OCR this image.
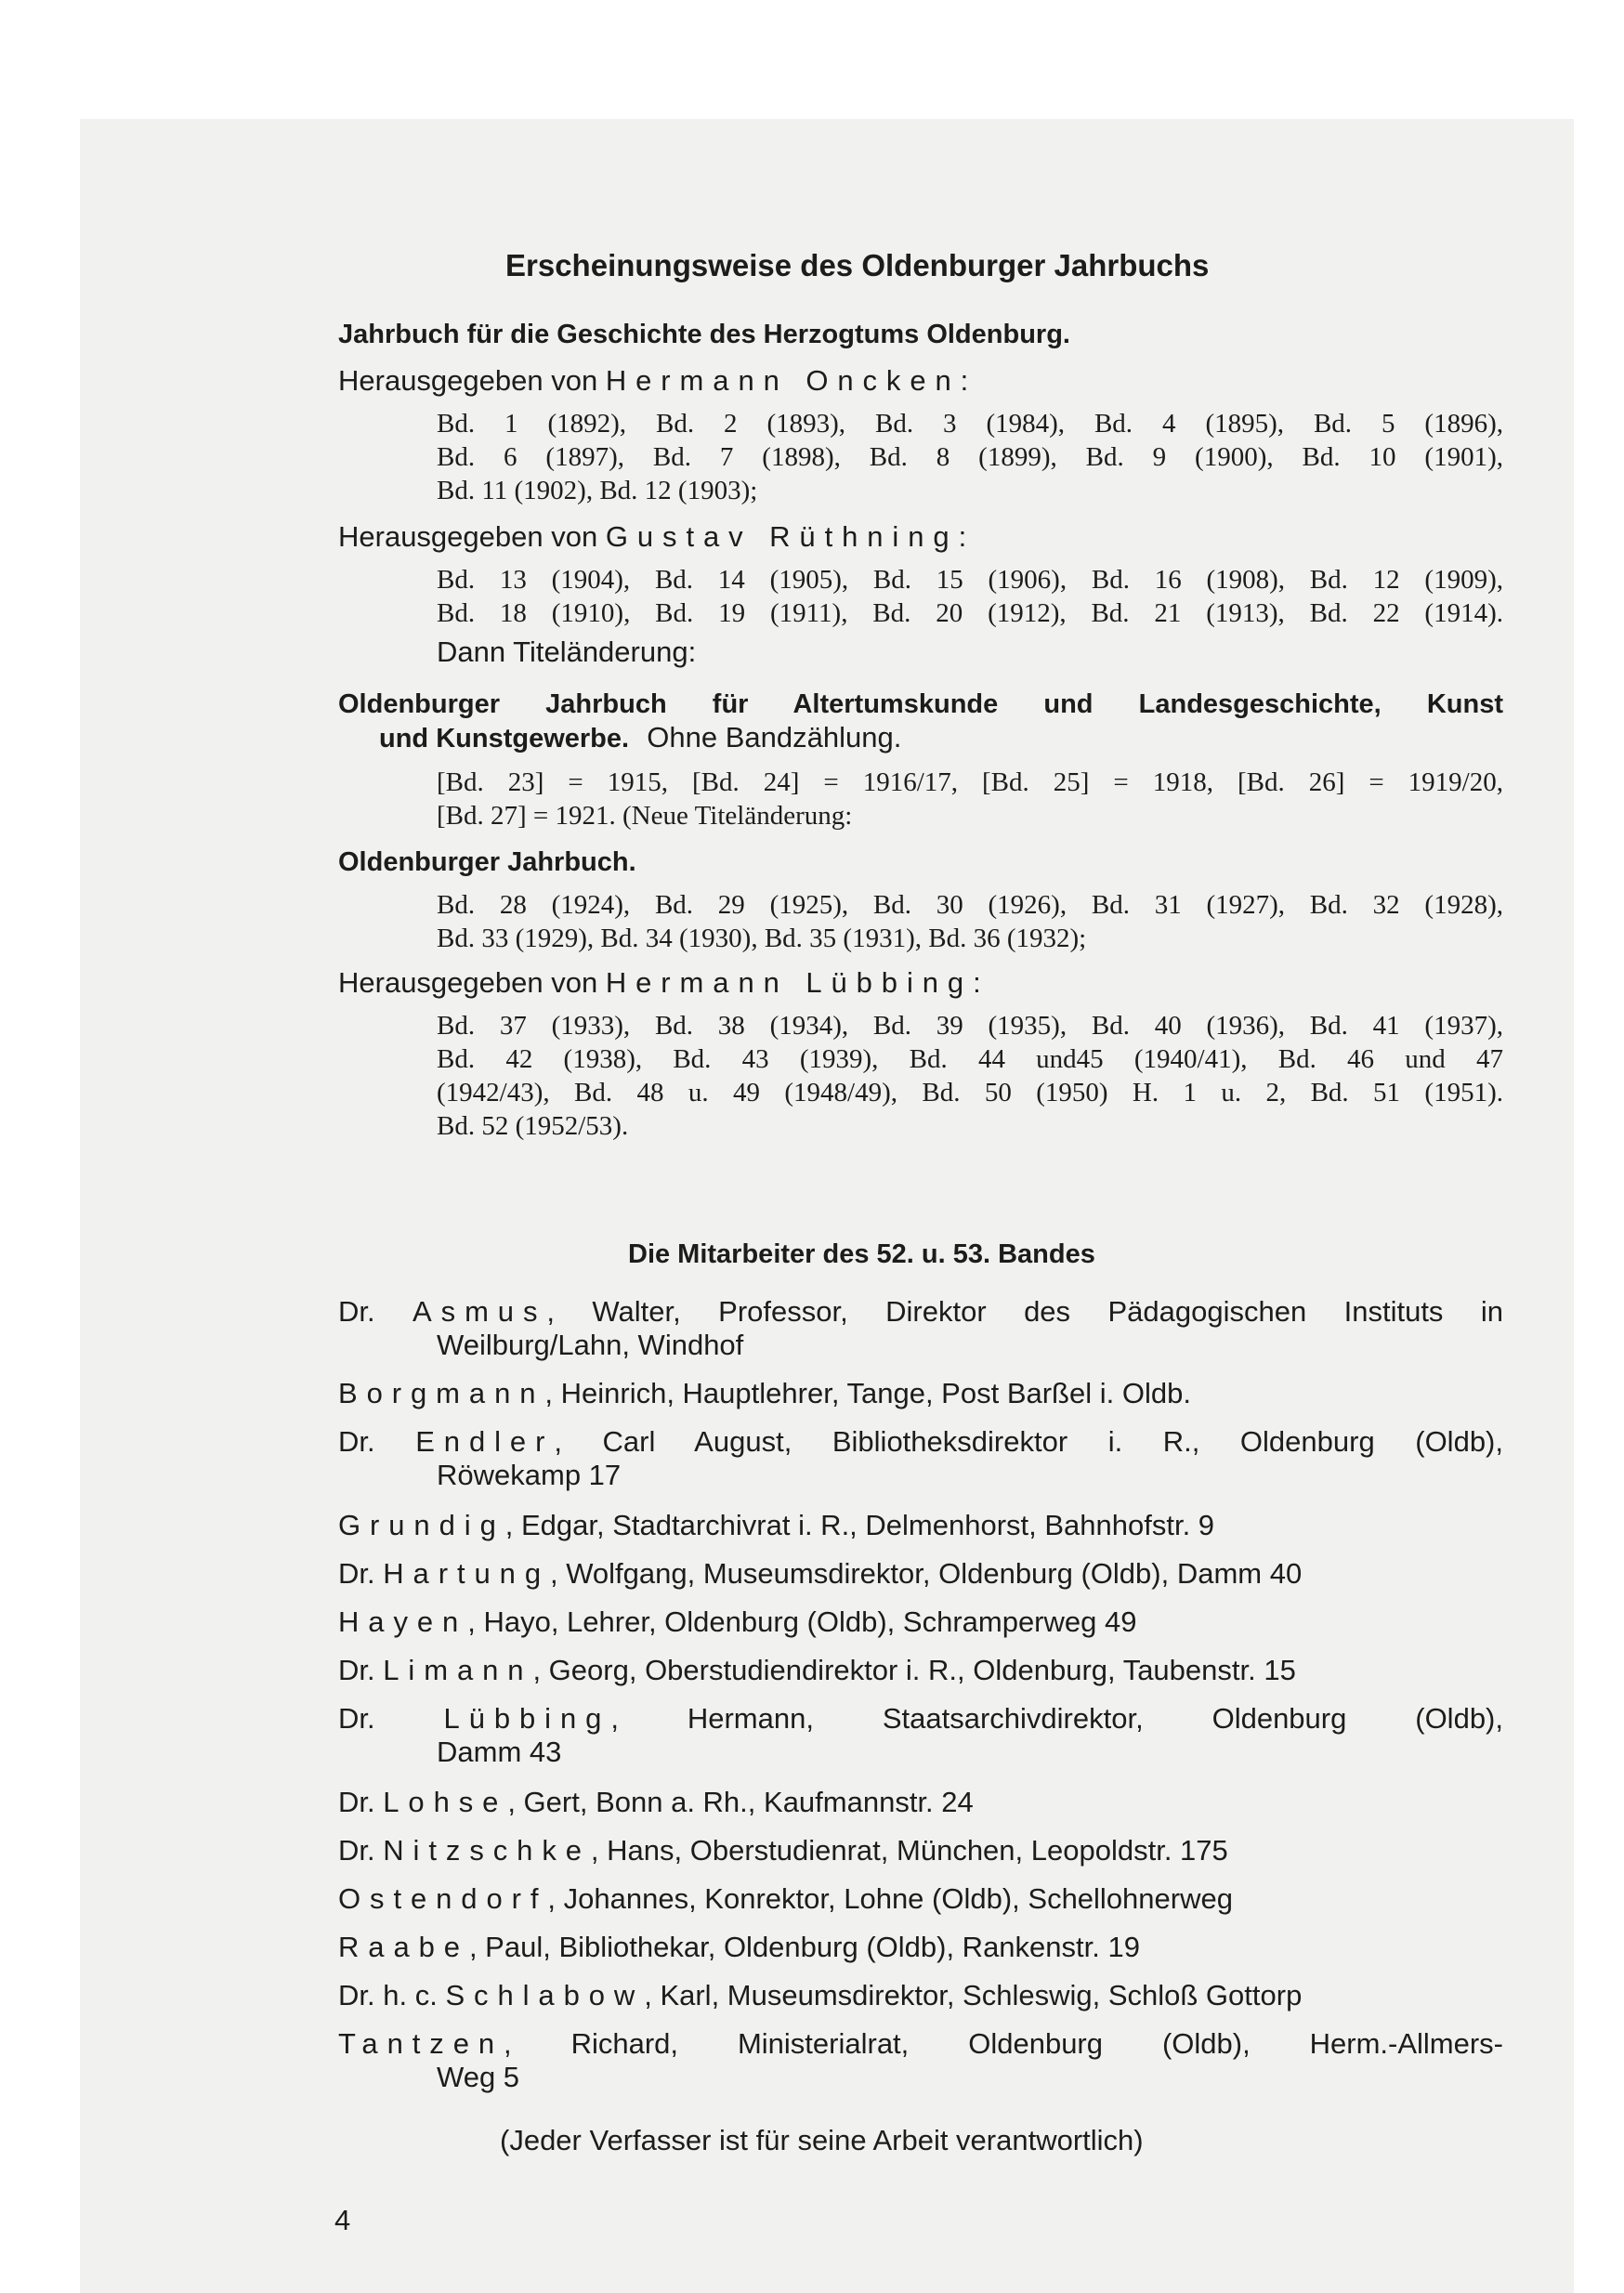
Erscheinungsweise des Oldenburger Jahrbuchs
Jahrbuch für die Geschichte des Herzogtums Oldenburg.
Herausgegeben von Hermann Oncken:
Bd. 1 (1892), Bd. 2 (1893), Bd. 3 (1984), Bd. 4 (1895), Bd. 5 (1896),
Bd. 6 (1897), Bd. 7 (1898), Bd. 8 (1899), Bd. 9 (1900), Bd. 10 (1901),
Bd. 11 (1902), Bd. 12 (1903);
Herausgegeben von Gustav Rüthning:
Bd. 13 (1904), Bd. 14 (1905), Bd. 15 (1906), Bd. 16 (1908), Bd. 12 (1909),
Bd. 18 (1910), Bd. 19 (1911), Bd. 20 (1912), Bd. 21 (1913), Bd. 22 (1914).
Dann Titeländerung:
Oldenburger Jahrbuch für Altertumskunde und Landesgeschichte, Kunst
und Kunstgewerbe. Ohne Bandzählung.
[Bd. 23] = 1915, [Bd. 24] = 1916/17, [Bd. 25] = 1918, [Bd. 26] = 1919/20,
[Bd. 27] = 1921. (Neue Titeländerung:
Oldenburger Jahrbuch.
Bd. 28 (1924), Bd. 29 (1925), Bd. 30 (1926), Bd. 31 (1927), Bd. 32 (1928),
Bd. 33 (1929), Bd. 34 (1930), Bd. 35 (1931), Bd. 36 (1932);
Herausgegeben von Hermann Lübbing:
Bd. 37 (1933), Bd. 38 (1934), Bd. 39 (1935), Bd. 40 (1936), Bd. 41 (1937),
Bd. 42 (1938), Bd. 43 (1939), Bd. 44 und45 (1940/41), Bd. 46 und 47
(1942/43), Bd. 48 u. 49 (1948/49), Bd. 50 (1950) H. 1 u. 2, Bd. 51 (1951).
Bd. 52 (1952/53).
Die Mitarbeiter des 52. u. 53. Bandes
Dr. Asmus, Walter, Professor, Direktor des Pädagogischen Instituts in
Weilburg/Lahn, Windhof
Borgmann, Heinrich, Hauptlehrer, Tange, Post Barßel i. Oldb.
Dr. Endler, Carl August, Bibliotheksdirektor i. R., Oldenburg (Oldb),
Röwekamp 17
Grundig, Edgar, Stadtarchivrat i. R., Delmenhorst, Bahnhofstr. 9
Dr. Hartung, Wolfgang, Museumsdirektor, Oldenburg (Oldb), Damm 40
Hayen, Hayo, Lehrer, Oldenburg (Oldb), Schramperweg 49
Dr. Limann, Georg, Oberstudiendirektor i. R., Oldenburg, Taubenstr. 15
Dr. Lübbing, Hermann, Staatsarchivdirektor, Oldenburg (Oldb),
Damm 43
Dr. Lohse, Gert, Bonn a. Rh., Kaufmannstr. 24
Dr. Nitzschke, Hans, Oberstudienrat, München, Leopoldstr. 175
Ostendorf, Johannes, Konrektor, Lohne (Oldb), Schellohnerweg
Raabe, Paul, Bibliothekar, Oldenburg (Oldb), Rankenstr. 19
Dr. h. c. Schlabow, Karl, Museumsdirektor, Schleswig, Schloß Gottorp
Tantzen, Richard, Ministerialrat, Oldenburg (Oldb), Herm.-Allmers-
Weg 5
(Jeder Verfasser ist für seine Arbeit verantwortlich)
4
